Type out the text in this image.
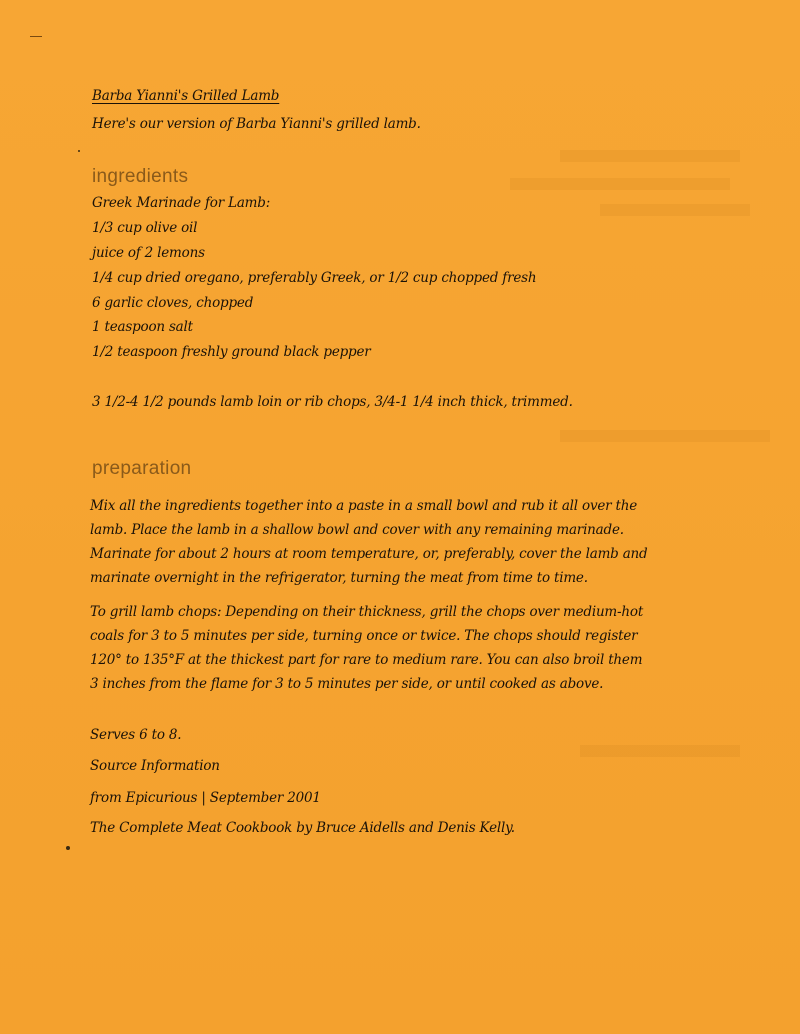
Barba Yianni's Grilled Lamb
Here's our version of Barba Yianni's grilled lamb.
ingredients
Greek Marinade for Lamb:
1/3 cup olive oil
juice of 2 lemons
1/4 cup dried oregano, preferably Greek, or 1/2 cup chopped fresh
6 garlic cloves, chopped
1 teaspoon salt
1/2 teaspoon freshly ground black pepper
3 1/2-4 1/2 pounds lamb loin or rib chops, 3/4-1 1/4 inch thick, trimmed.
preparation
Mix all the ingredients together into a paste in a small bowl and rub it all over the lamb. Place the lamb in a shallow bowl and cover with any remaining marinade. Marinate for about 2 hours at room temperature, or, preferably, cover the lamb and marinate overnight in the refrigerator, turning the meat from time to time.
To grill lamb chops: Depending on their thickness, grill the chops over medium-hot coals for 3 to 5 minutes per side, turning once or twice. The chops should register 120° to 135°F at the thickest part for rare to medium rare. You can also broil them 3 inches from the flame for 3 to 5 minutes per side, or until cooked as above.
Serves 6 to 8.
Source Information
from Epicurious | September 2001
The Complete Meat Cookbook by Bruce Aidells and Denis Kelly.
